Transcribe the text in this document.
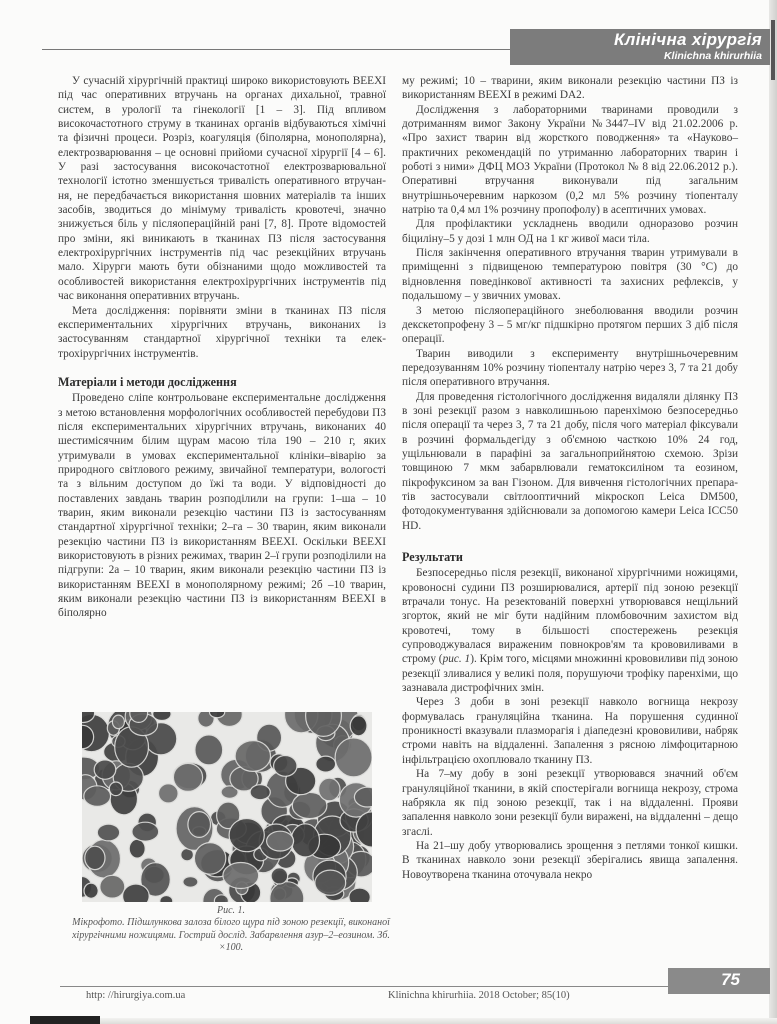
Клінічна хірургія
Klinichna khirurhiia

У сучасній хірургічній практиці широко використовують ВЕЕХІ під час оперативних втручань на органах дихальної, травної систем, в урології та гінекології [1 – 3]. Під впливом високочастотного струму в тканинах органів відбуваються хімічні та фізичні процеси. Розріз, коагуляція (біполярна, монополярна), електрозварювання – це основні прийоми сучасної хірургії [4 – 6]. У разі застосування високочастотної електрозварювальної технології істотно зменшується тривалість оперативного втручання, не передбачається використання шовних матеріалів та інших засобів, зводиться до мінімуму тривалість кровотечі, значно знижується біль у післяопераційній рані [7, 8]. Проте відомостей про зміни, які виникають в тканинах ПЗ після застосування електрохірургічних інструментів під час резекційних втручань мало. Хірурги мають бути обізнаними щодо можливостей та особливостей використання електрохірургічних інструментів під час виконання оперативних втручань.

Мета дослідження: порівняти зміни в тканинах ПЗ після експериментальних хірургічних втручань, виконаних із застосуванням стандартної хірургічної техніки та електрохірургічних інструментів.

Матеріали і методи дослідження

Проведено сліпе контрольоване експериментальне дослідження з метою встановлення морфологічних особливостей перебудови ПЗ після експериментальних хірургічних втручань, виконаних 40 шестимісячним білим щурам масою тіла 190 – 210 г, яких утримували в умовах експериментальної клініки–віварію за природного світлового режиму, звичайної температури, вологості та з вільним доступом до їжі та води. У відповідності до поставлених завдань тварин розподілили на групи: 1–ша – 10 тварин, яким виконали резекцію частини ПЗ із застосуванням стандартної хірургічної техніки; 2–га – 30 тварин, яким виконали резекцію частини ПЗ із використанням ВЕЕХІ. Оскільки ВЕЕХІ використовують в різних режимах, тварин 2–ї групи розподілили на підгрупи: 2а – 10 тварин, яким виконали резекцію частини ПЗ із використанням ВЕЕХІ в монополярному режимі; 2б –10 тварин, яким виконали резекцію частини ПЗ із використанням ВЕЕХІ в біполярно

Рис. 1.
Мікрофото. Підшлункова залоза білого щура під зоною резекції, виконаної хірургічними ножицями. Гострий дослід. Забарвлення азур–2–еозином. Зб. ×100.

му режимі; 10 – тварини, яким виконали резекцію частини ПЗ із використанням ВЕЕХІ в режимі DA2.

Дослідження з лабораторними тваринами проводили з дотриманням вимог Закону України №3447–IV від 21.02.2006 р. «Про захист тварин від жорсткого поводження» та «Науково–практичних рекомендацій по утриманню лабораторних тварин і роботі з ними» ДФЦ МОЗ України (Протокол № 8 від 22.06.2012 р.). Оперативні втручання виконували під загальним внутрішньочеревним наркозом (0,2 мл 5% розчину тіопенталу натрію та 0,4 мл 1% розчину пропофолу) в асептичних умовах.

Для профілактики ускладнень вводили одноразово розчин біциліну–5 у дозі 1 млн ОД на 1 кг живої маси тіла.

Після закінчення оперативного втручання тварин утримували в приміщенні з підвищеною температурою повітря (30 °С) до відновлення поведінкової активності та захисних рефлексів, у подальшому – у звичних умовах.

З метою післяопераційного знеболювання вводили розчин декскетопрофену 3 – 5 мг/кг підшкірно протягом перших 3 діб після операції.

Тварин виводили з експерименту внутрішньочеревним передозуванням 10% розчину тіопенталу натрію через 3, 7 та 21 добу після оперативного втручання.

Для проведення гістологічного дослідження видаляли ділянку ПЗ в зоні резекції разом з навколишньою паренхімою безпосередньо після операції та через 3, 7 та 21 добу, після чого матеріал фіксували в розчині формальдегіду з об'ємною часткою 10% 24 год, ущільнювали в парафіні за загальноприйнятою схемою. Зрізи товщиною 7 мкм забарвлювали гематоксиліном та еозином, пікрофуксином за ван Гізоном. Для вивчення гістологічних препаратів застосували світлооптичний мікроскоп Leica DM500, фотодокументування здійснювали за допомогою камери Leica ICC50 HD.

Результати

Безпосередньо після резекції, виконаної хірургічними ножицями, кровоносні судини ПЗ розширювалися, артерії під зоною резекції втрачали тонус. На резектованій поверхні утворювався нещільний згорток, який не міг бути надійним пломбовочним захистом від кровотечі, тому в більшості спостережень резекція супроводжувалася вираженим повнокров'ям та крововиливами в строму (рис. 1). Крім того, місцями множинні крововиливи під зоною резекції зливалися у великі поля, порушуючи трофіку паренхіми, що зазнавала дистрофічних змін.

Через 3 доби в зоні резекції навколо вогнища некрозу формувалась грануляційна тканина. На порушення судинної проникності вказували плазморагія і діапедезні крововиливи, набряк строми навіть на віддаленні. Запалення з рясною лімфоцитарною інфільтрацією охоплювало тканину ПЗ.

На 7–му добу в зоні резекції утворювався значний об'єм грануляційної тканини, в якій спостерігали вогнища некрозу, строма набрякла як під зоною резекції, так і на віддаленні. Прояви запалення навколо зони резекції були виражені, на віддаленні – дещо згаслі.

На 21–шу добу утворювались зрощення з петлями тонкої кишки. В тканинах навколо зони резекції зберігались явища запалення. Новоутворена тканина оточувала некро

75
http: //hirurgiya.com.ua	Klinichna khirurhiia. 2018 October; 85(10)
